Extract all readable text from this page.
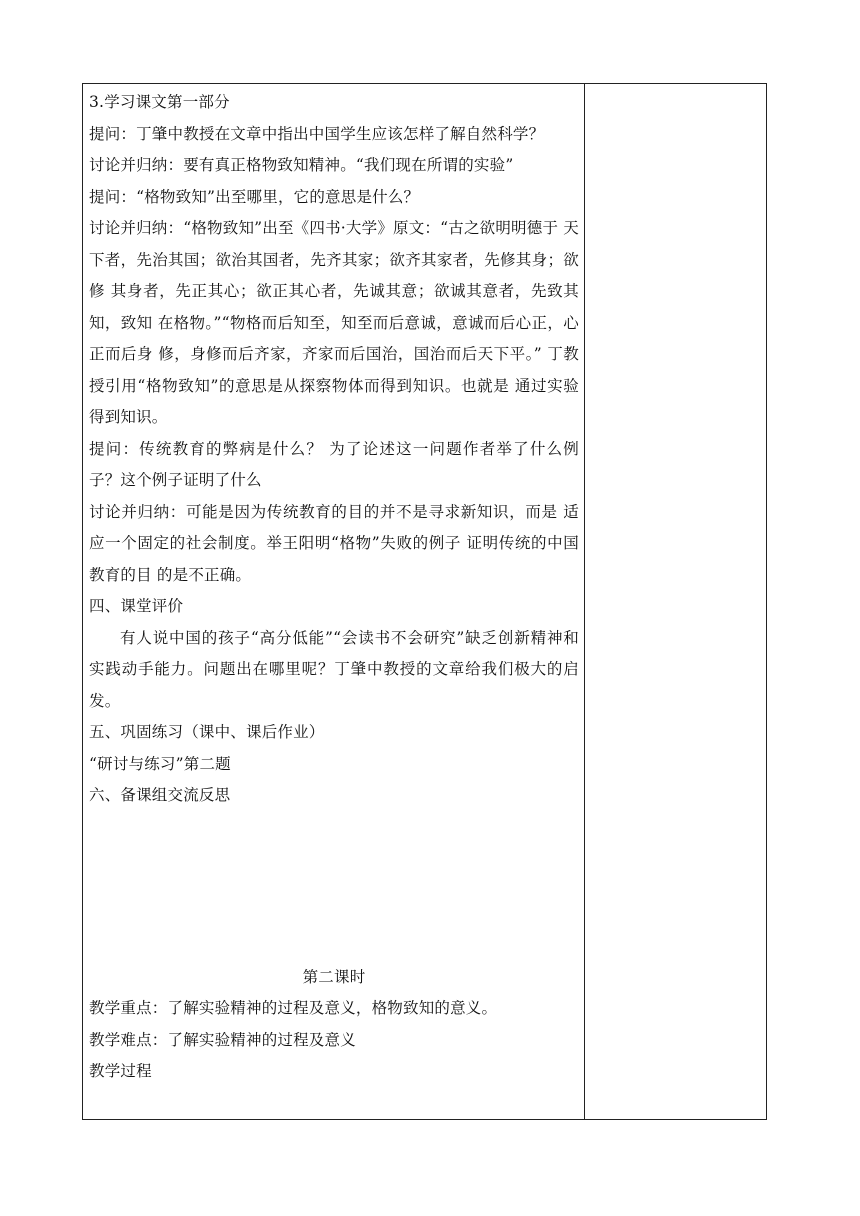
3.学习课文第一部分

提问：丁肇中教授在文章中指出中国学生应该怎样了解自然科学？

讨论并归纳：要有真正格物致知精神。“我们现在所谓的实验”

提问：“格物致知”出至哪里，它的意思是什么？

讨论并归纳：“格物致知”出至《四书·大学》原文：“古之欲明明德于 天下者，先治其国；欲治其国者，先齐其家；欲齐其家者，先修其身；欲修 其身者，先正其心；欲正其心者，先诚其意；欲诚其意者，先致其知，致知 在格物。”“物格而后知至，知至而后意诚，意诚而后心正，心正而后身 修，身修而后齐家，齐家而后国治，国治而后天下平。” 丁教授引用“格物致知”的意思是从探察物体而得到知识。也就是 通过实验得到知识。

提问：传统教育的弊病是什么？ 为了论述这一问题作者举了什么例子？这个例子证明了什么

讨论并归纳：可能是因为传统教育的目的并不是寻求新知识，而是 适应一个固定的社会制度。举王阳明“格物”失败的例子 证明传统的中国教育的目 的是不正确。

四、课堂评价

有人说中国的孩子“高分低能”“会读书不会研究”缺乏创新精神和 实践动手能力。问题出在哪里呢？丁肇中教授的文章给我们极大的启发。

五、巩固练习（课中、课后作业）

“研讨与练习”第二题

六、备课组交流反思

第二课时

教学重点：了解实验精神的过程及意义，格物致知的意义。

教学难点：了解实验精神的过程及意义

教学过程
